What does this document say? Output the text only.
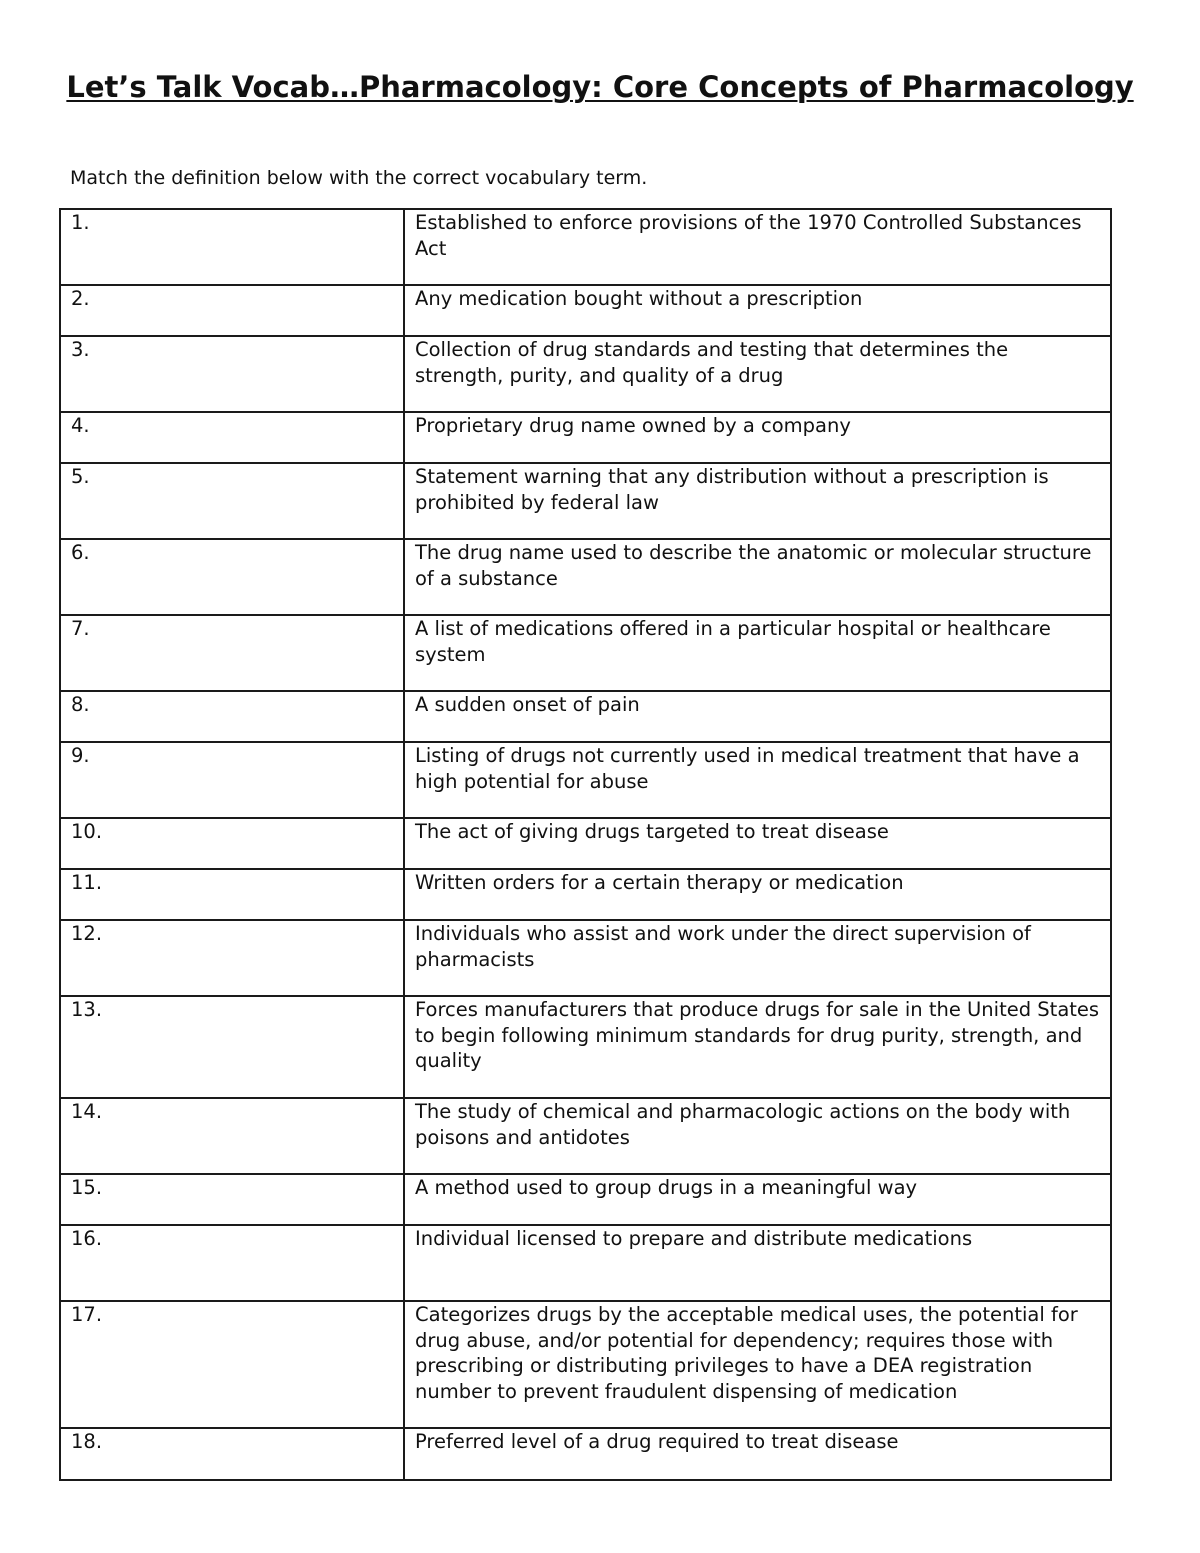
Let’s Talk Vocab…Pharmacology: Core Concepts of Pharmacology

Match the definition below with the correct vocabulary term.

1.	Established to enforce provisions of the 1970 Controlled Substances Act
2.	Any medication bought without a prescription
3.	Collection of drug standards and testing that determines the strength, purity, and quality of a drug
4.	Proprietary drug name owned by a company
5.	Statement warning that any distribution without a prescription is prohibited by federal law
6.	The drug name used to describe the anatomic or molecular structure of a substance
7.	A list of medications offered in a particular hospital or healthcare system
8.	A sudden onset of pain
9.	Listing of drugs not currently used in medical treatment that have a high potential for abuse
10.	The act of giving drugs targeted to treat disease
11.	Written orders for a certain therapy or medication
12.	Individuals who assist and work under the direct supervision of pharmacists
13.	Forces manufacturers that produce drugs for sale in the United States to begin following minimum standards for drug purity, strength, and quality
14.	The study of chemical and pharmacologic actions on the body with poisons and antidotes
15.	A method used to group drugs in a meaningful way
16.	Individual licensed to prepare and distribute medications
17.	Categorizes drugs by the acceptable medical uses, the potential for drug abuse, and/or potential for dependency; requires those with prescribing or distributing privileges to have a DEA registration number to prevent fraudulent dispensing of medication
18.	Preferred level of a drug required to treat disease
